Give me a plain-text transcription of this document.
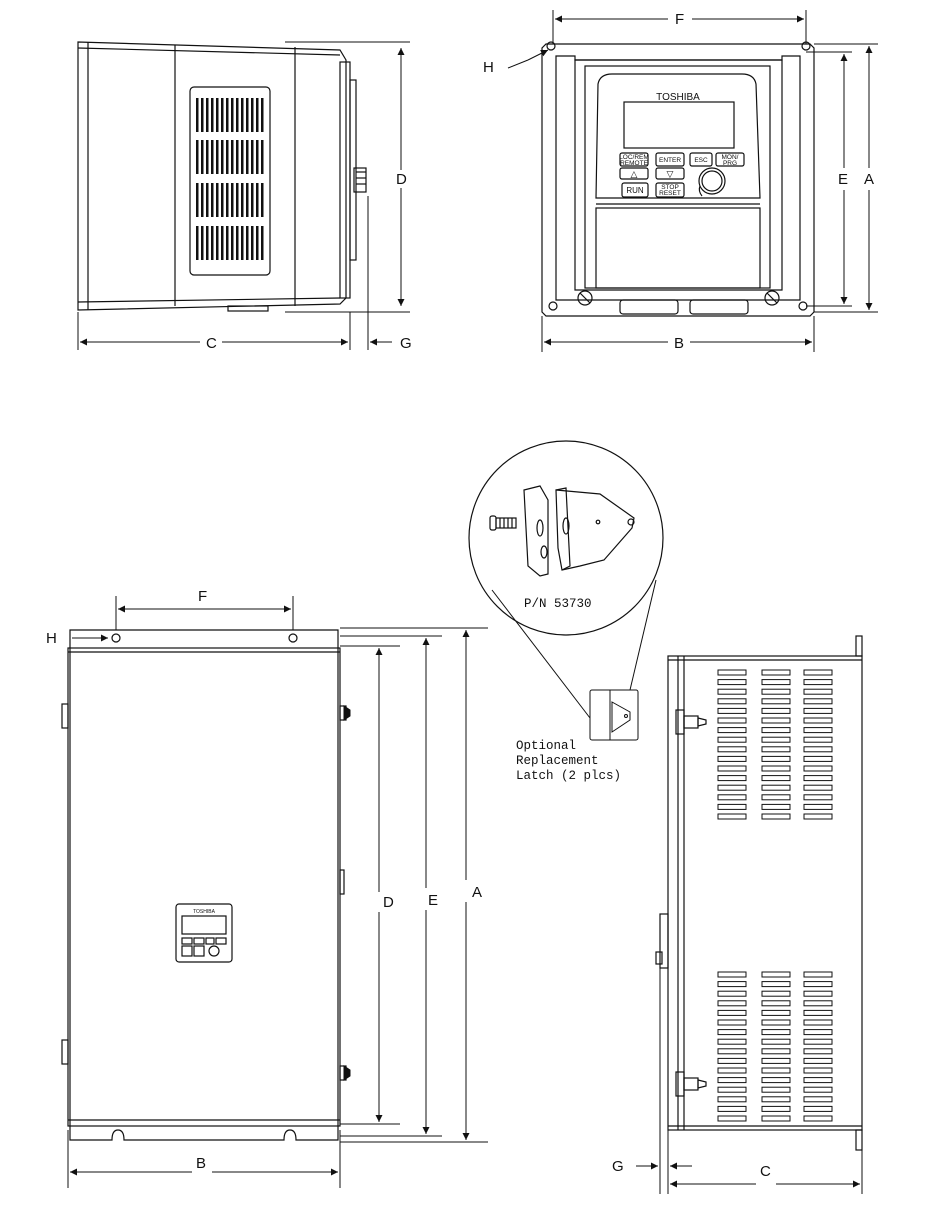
D
C	G
TOSHIBA
LOC/REM
REMOTE ENTER ESC MON/
PRG
△	▽
RUN	STOP
RESET
F
H
A
E
B
P/N 53730
Optional
Replacement
Latch (2 plcs)
TOSHIBA
F
H
D E A
B	G	C
